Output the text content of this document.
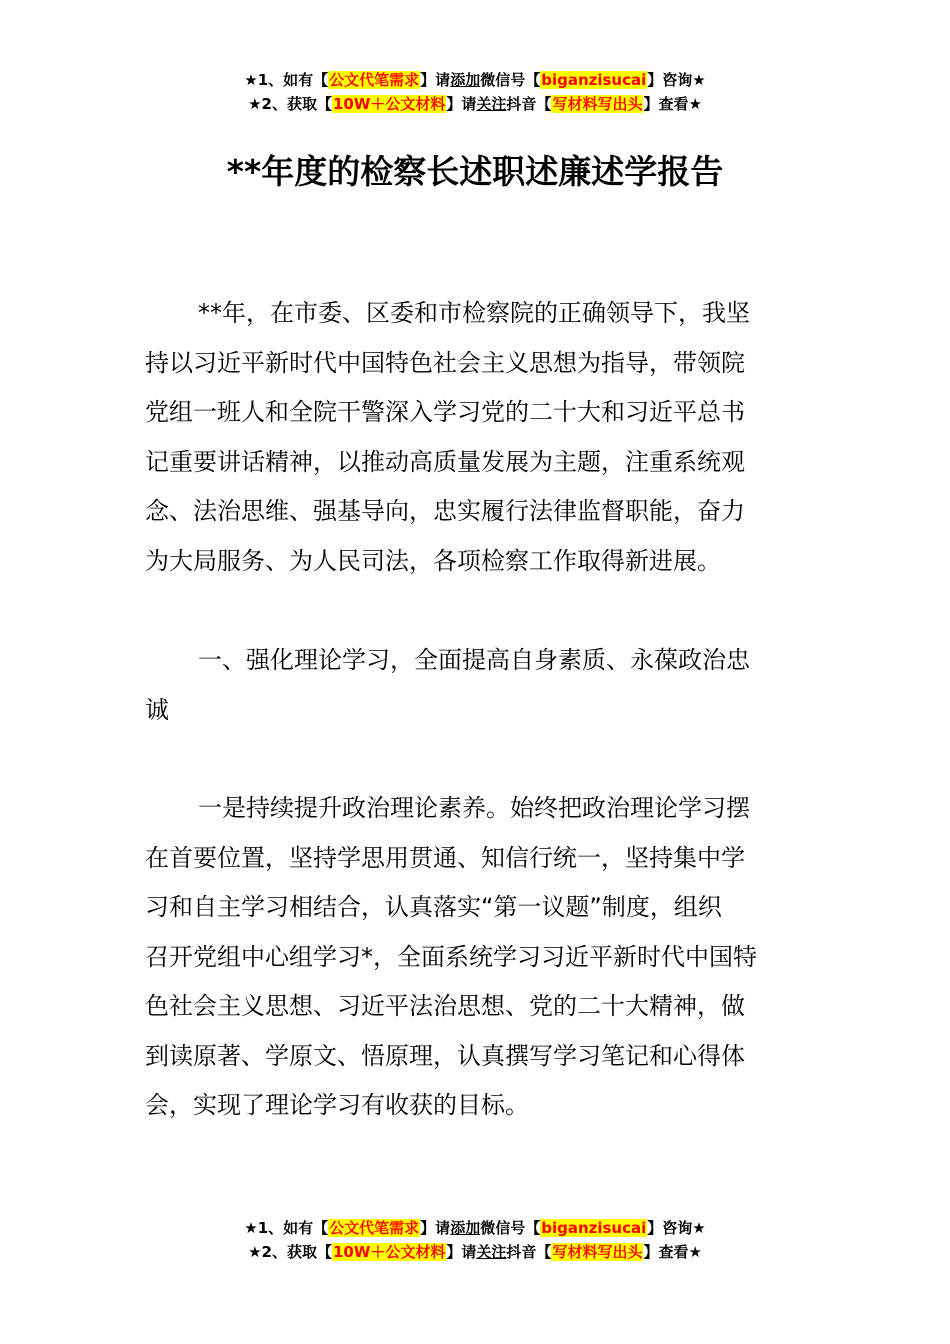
★1、如有【公文代笔需求】请添加微信号【biganzisucai】咨询★
★2、获取【10W＋公文材料】请关注抖音【写材料写出头】查看★
**年度的检察长述职述廉述学报告
**年，在市委、区委和市检察院的正确领导下，我坚
持以习近平新时代中国特色社会主义思想为指导，带领院
党组一班人和全院干警深入学习党的二十大和习近平总书
记重要讲话精神，以推动高质量发展为主题，注重系统观
念、法治思维、强基导向，忠实履行法律监督职能，奋力
为大局服务、为人民司法，各项检察工作取得新进展。
一、强化理论学习，全面提高自身素质、永葆政治忠
诚
一是持续提升政治理论素养。始终把政治理论学习摆
在首要位置，坚持学思用贯通、知信行统一，坚持集中学
习和自主学习相结合，认真落实“第一议题”制度，组织
召开党组中心组学习*，全面系统学习习近平新时代中国特
色社会主义思想、习近平法治思想、党的二十大精神，做
到读原著、学原文、悟原理，认真撰写学习笔记和心得体
会，实现了理论学习有收获的目标。
★1、如有【公文代笔需求】请添加微信号【biganzisucai】咨询★
★2、获取【10W＋公文材料】请关注抖音【写材料写出头】查看★
